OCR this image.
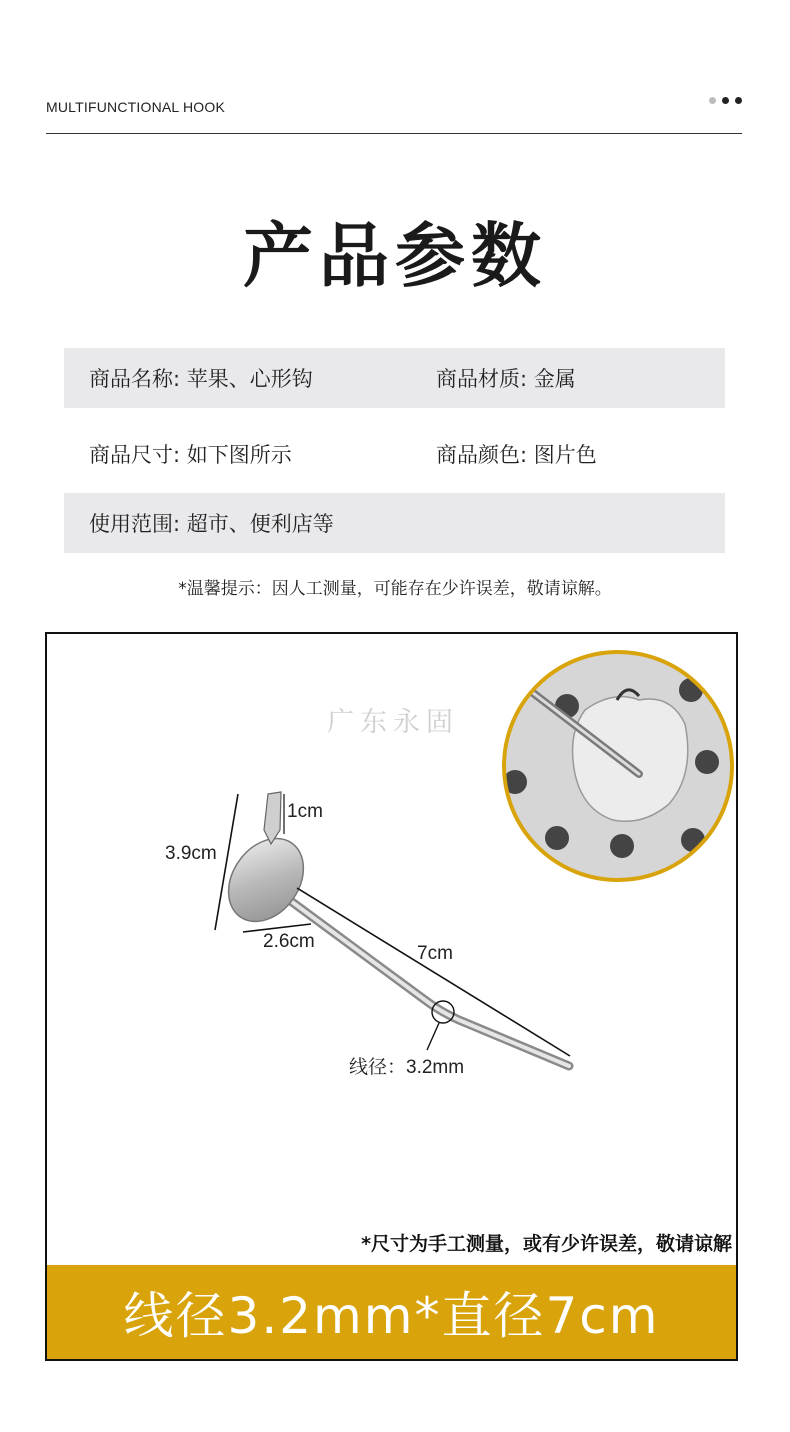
MULTIFUNCTIONAL HOOK
产品参数
商品名称: 苹果、心形钩	商品材质: 金属
商品尺寸: 如下图所示	商品颜色: 图片色
使用范围: 超市、便利店等
*温馨提示：因人工测量，可能存在少许误差，敬请谅解。
广东永固
1cm
3.9cm
2.6cm
7cm
线径：3.2mm
*尺寸为手工测量，或有少许误差，敬请谅解
线径3.2mm*直径7cm
